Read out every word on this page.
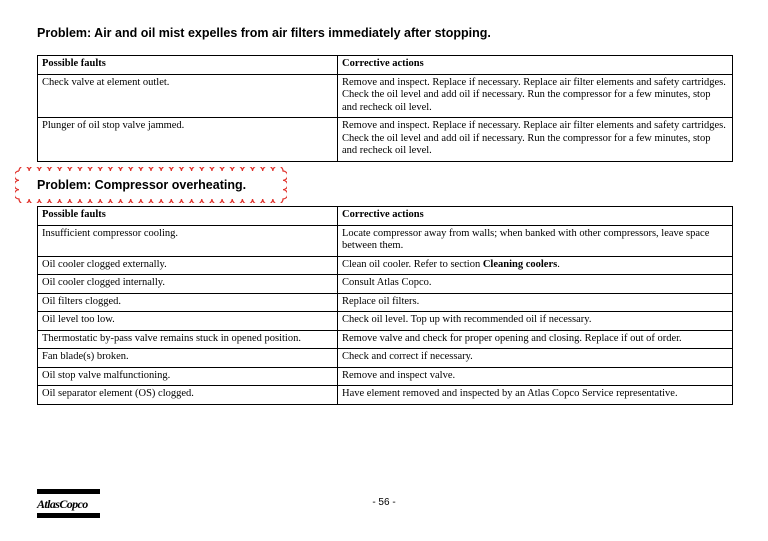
Problem: Air and oil mist expelles from air filters immediately after stopping.
Possible faults	Corrective actions
Check valve at element outlet.	Remove and inspect. Replace if necessary. Replace air filter elements and safety cartridges. Check the oil level and add oil if necessary. Run the compressor for a few minutes, stop and recheck oil level.
Plunger of oil stop valve jammed.	Remove and inspect. Replace if necessary. Replace air filter elements and safety cartridges. Check the oil level and add oil if necessary. Run the compressor for a few minutes, stop and recheck oil level.
Problem: Compressor overheating.
Possible faults	Corrective actions
Insufficient compressor cooling.	Locate compressor away from walls; when banked with other compressors, leave space between them.
Oil cooler clogged externally.	Clean oil cooler. Refer to section Cleaning coolers.
Oil cooler clogged internally.	Consult Atlas Copco.
Oil filters clogged.	Replace oil filters.
Oil level too low.	Check oil level. Top up with recommended oil if necessary.
Thermostatic by-pass valve remains stuck in opened position.	Remove valve and check for proper opening and closing. Replace if out of order.
Fan blade(s) broken.	Check and correct if necessary.
Oil stop valve malfunctioning.	Remove and inspect valve.
Oil separator element (OS) clogged.	Have element removed and inspected by an Atlas Copco Service representative.
AtlasCopco	- 56 -
